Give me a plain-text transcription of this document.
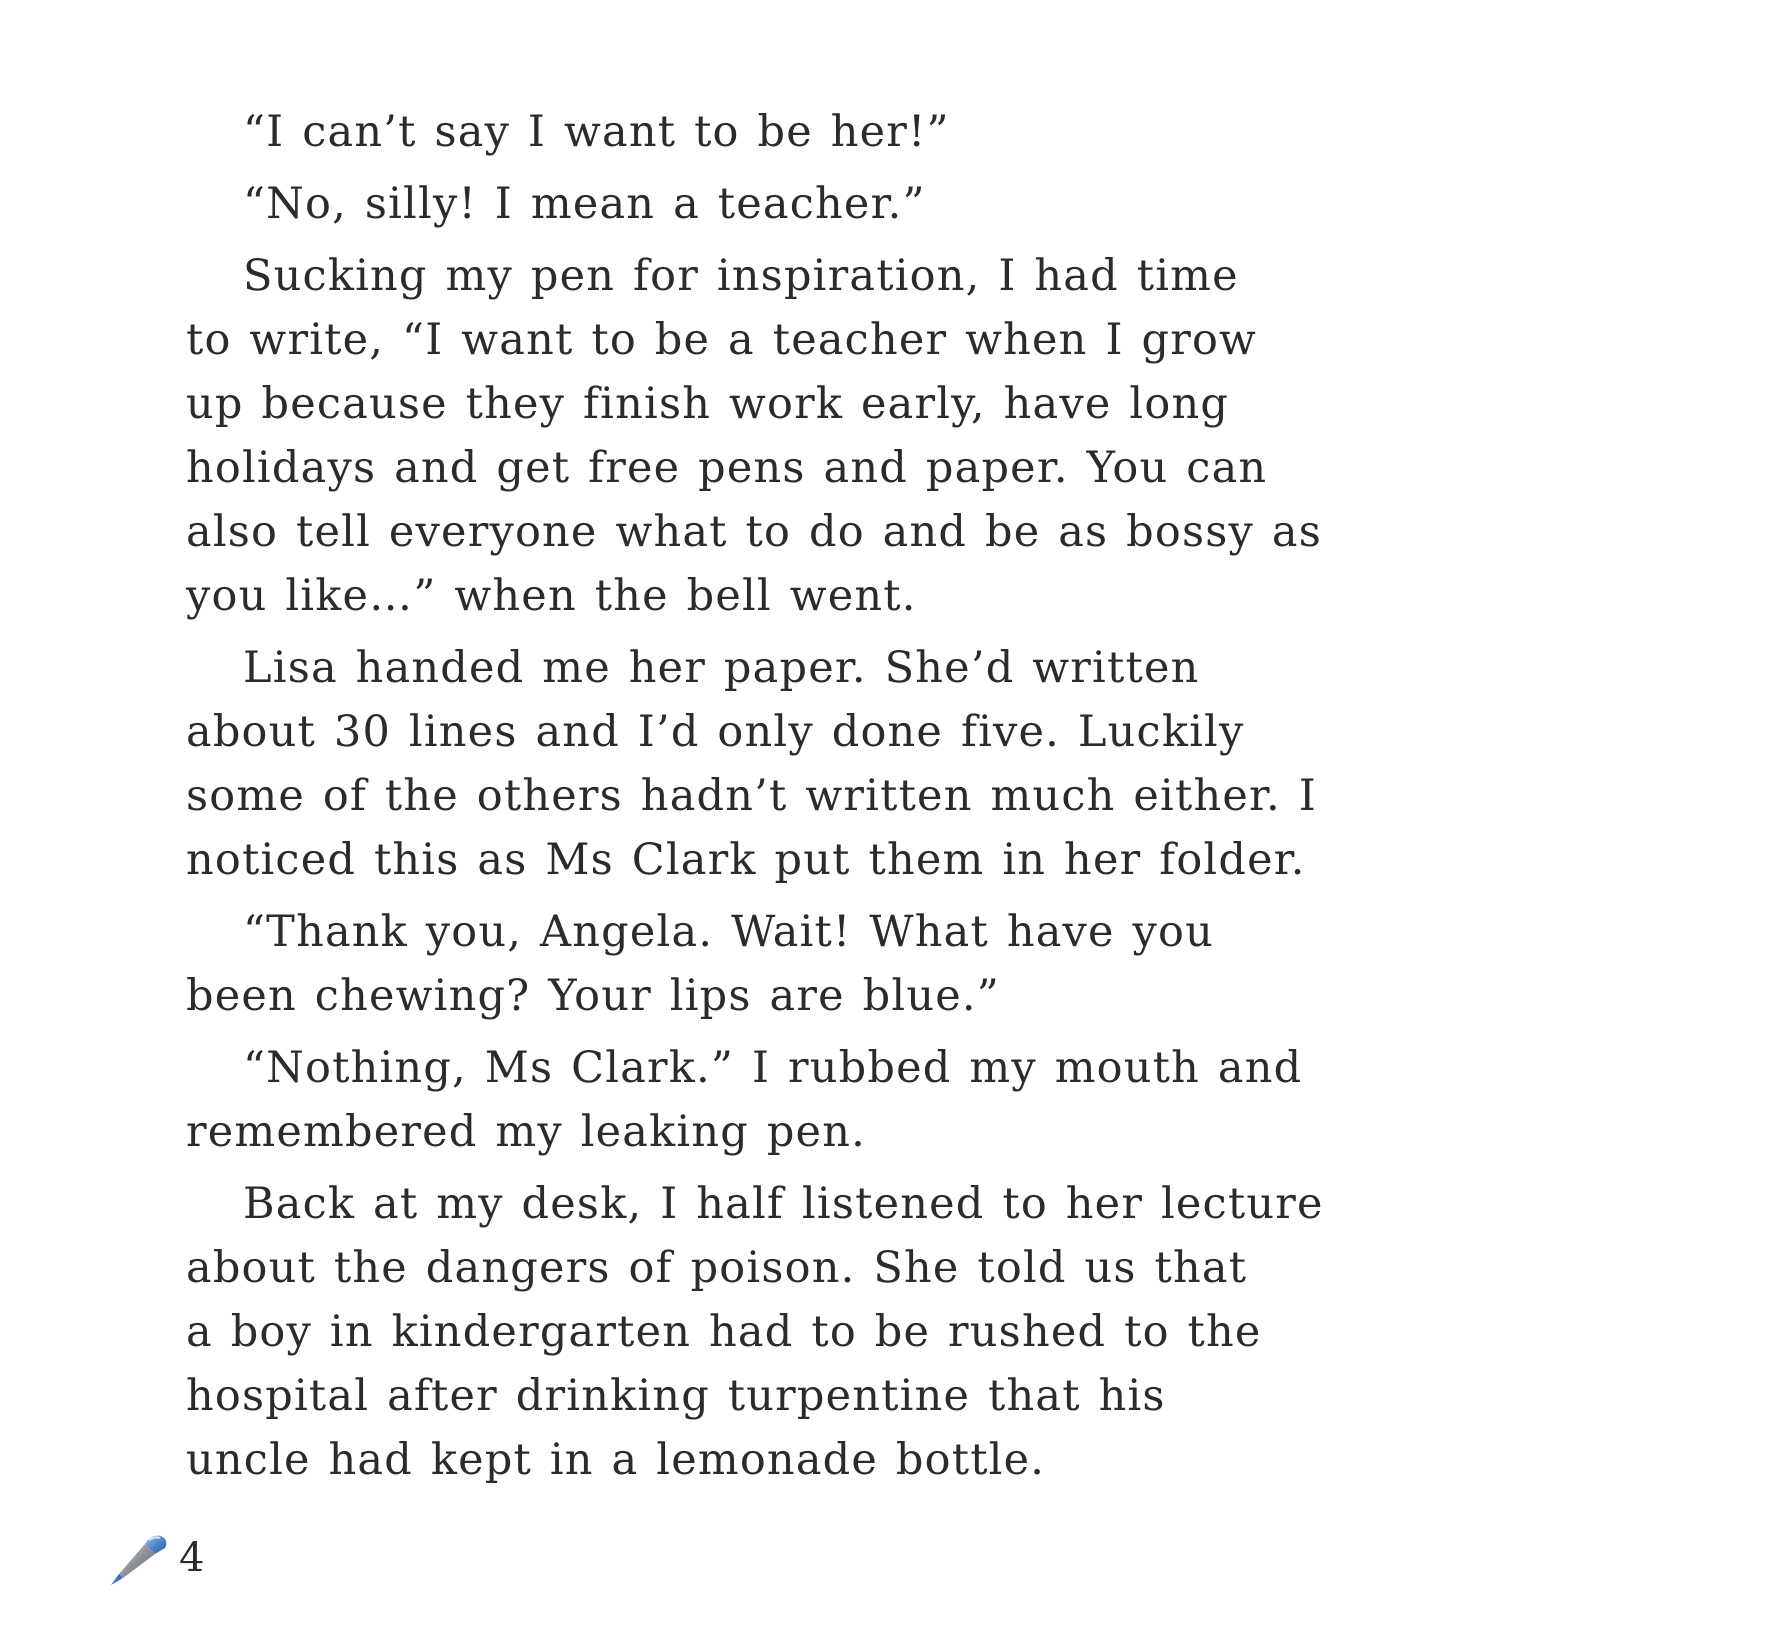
“I can’t say I want to be her!”

“No, silly! I mean a teacher.”

Sucking my pen for inspiration, I had time
to write, “I want to be a teacher when I grow
up because they finish work early, have long
holidays and get free pens and paper. You can
also tell everyone what to do and be as bossy as
you like…” when the bell went.

Lisa handed me her paper. She’d written
about 30 lines and I’d only done five. Luckily
some of the others hadn’t written much either. I
noticed this as Ms Clark put them in her folder.

“Thank you, Angela. Wait! What have you
been chewing? Your lips are blue.”

“Nothing, Ms Clark.” I rubbed my mouth and
remembered my leaking pen.

Back at my desk, I half listened to her lecture
about the dangers of poison. She told us that
a boy in kindergarten had to be rushed to the
hospital after drinking turpentine that his
uncle had kept in a lemonade bottle.

4
